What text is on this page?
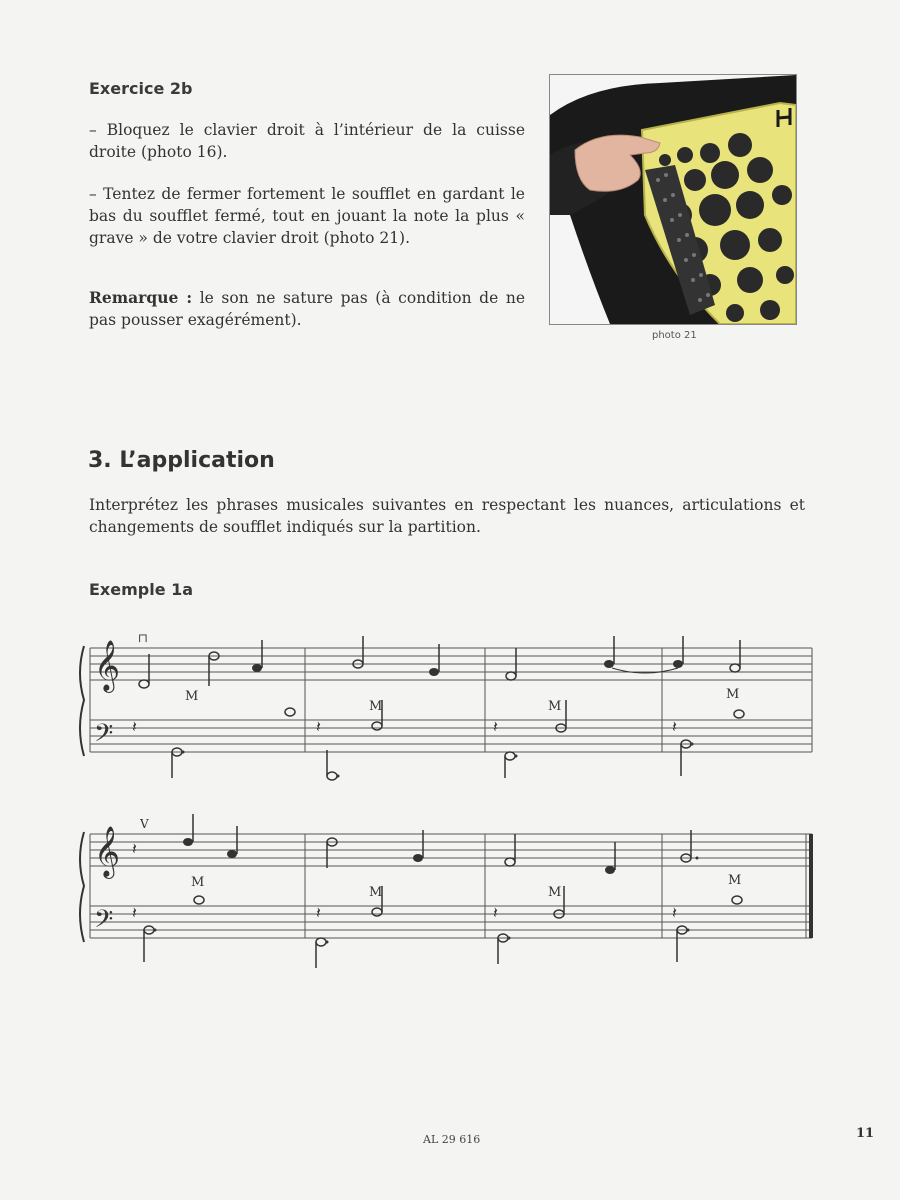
Exercice 2b
– Bloquez le clavier droit à l’intérieur de la cuisse droite (photo 16).
– Tentez de fermer fortement le soufflet en gardant le bas du soufflet fermé, tout en jouant la note la plus « grave » de votre clavier droit (photo 21).
Remarque : le son ne sature pas (à condition de ne pas pousser exagérément).
photo 21
3. L’application
Interprétez les phrases musicales suivantes en respectant les nuances, articulations et changements de soufflet indiqués sur la partition.
Exemple 1a
𝄞
𝄢
⊓
𝄽	𝄽	𝄽	𝄽
M
M	M
M
𝄞
𝄢
V
𝄽
𝄽	𝄽	𝄽	𝄽
M
M	M
M
AL 29 616	11
